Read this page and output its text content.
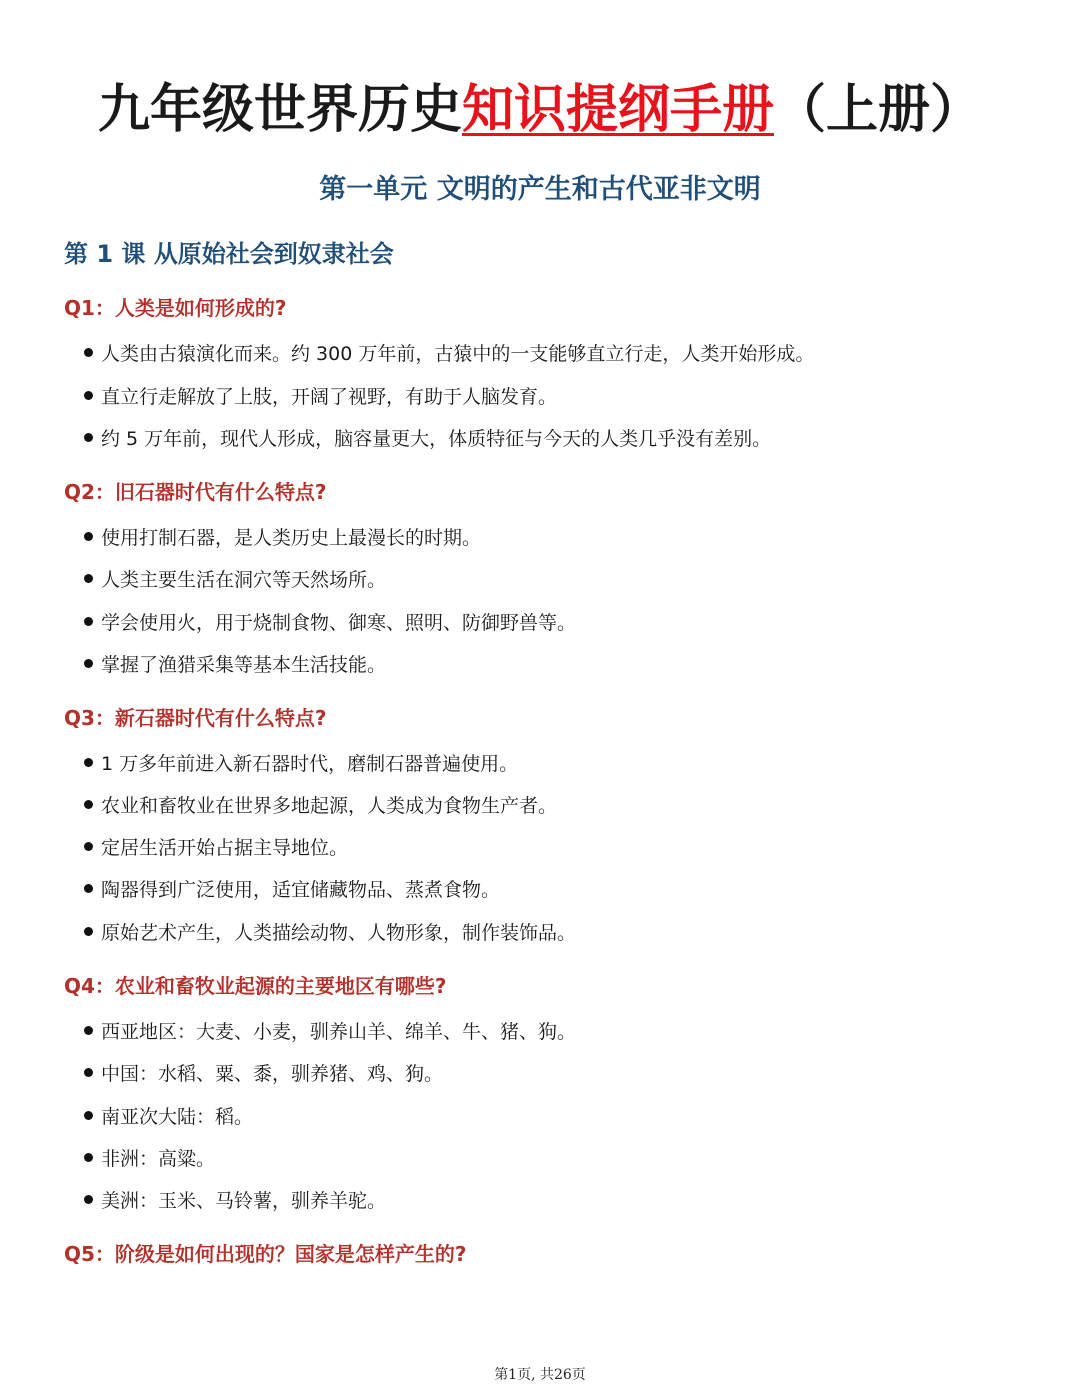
九年级世界历史知识提纲手册（上册）
第一单元 文明的产生和古代亚非文明
第 1 课 从原始社会到奴隶社会
Q1：人类是如何形成的?
人类由古猿演化而来。约 300 万年前，古猿中的一支能够直立行走，人类开始形成。
直立行走解放了上肢，开阔了视野，有助于人脑发育。
约 5 万年前，现代人形成，脑容量更大，体质特征与今天的人类几乎没有差别。
Q2：旧石器时代有什么特点?
使用打制石器，是人类历史上最漫长的时期。
人类主要生活在洞穴等天然场所。
学会使用火，用于烧制食物、御寒、照明、防御野兽等。
掌握了渔猎采集等基本生活技能。
Q3：新石器时代有什么特点?
1 万多年前进入新石器时代，磨制石器普遍使用。
农业和畜牧业在世界多地起源，人类成为食物生产者。
定居生活开始占据主导地位。
陶器得到广泛使用，适宜储藏物品、蒸煮食物。
原始艺术产生，人类描绘动物、人物形象，制作装饰品。
Q4：农业和畜牧业起源的主要地区有哪些?
西亚地区：大麦、小麦，驯养山羊、绵羊、牛、猪、狗。
中国：水稻、粟、黍，驯养猪、鸡、狗。
南亚次大陆：稻。
非洲：高粱。
美洲：玉米、马铃薯，驯养羊驼。
Q5：阶级是如何出现的？国家是怎样产生的?
第1页, 共26页
